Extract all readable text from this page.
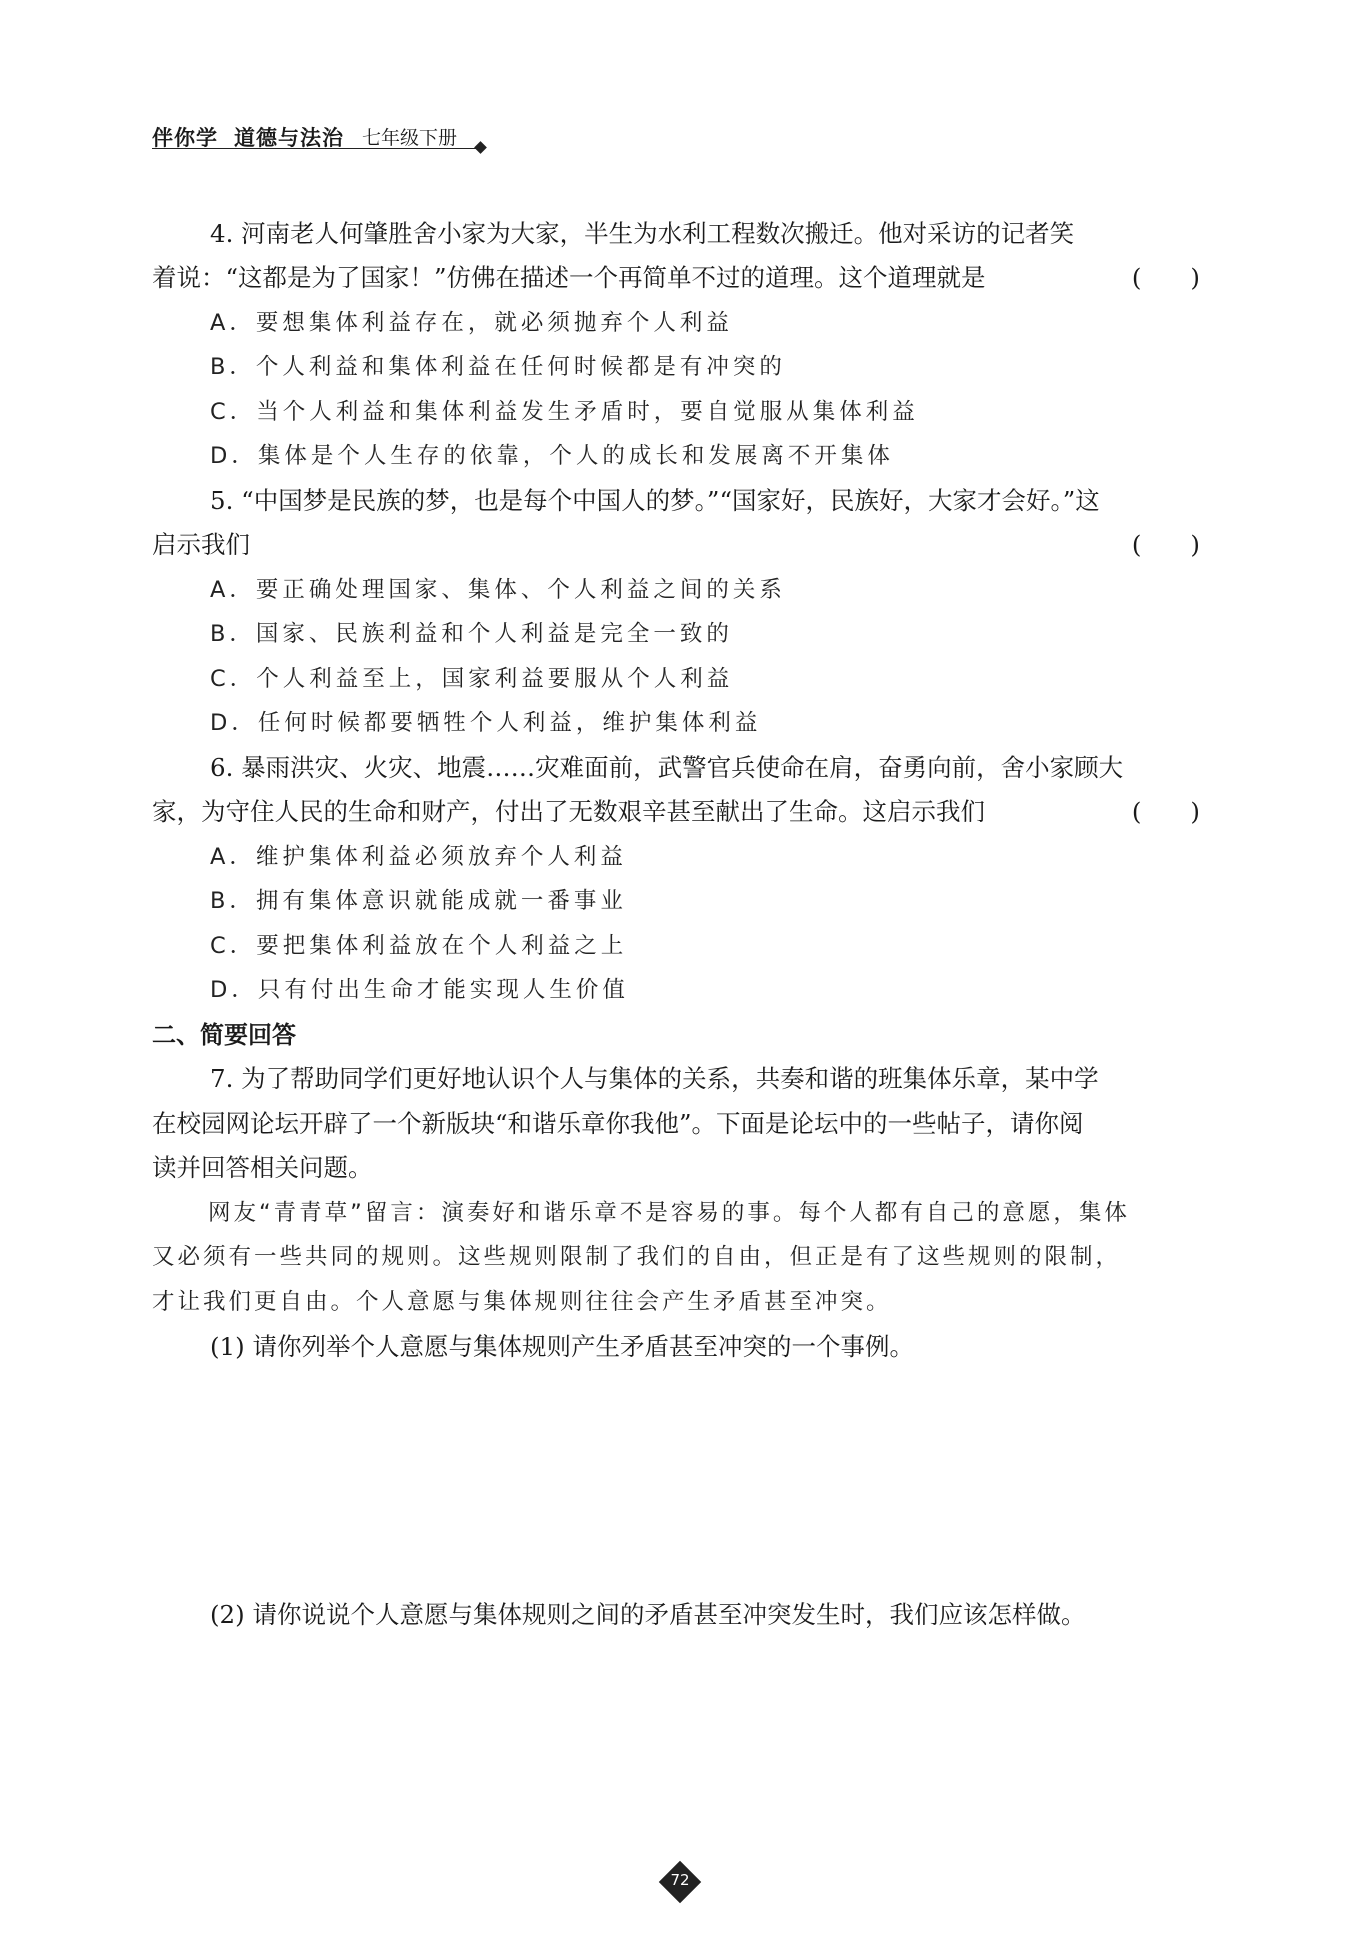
伴你学 道德与法治 七年级下册
4. 河南老人何肇胜舍小家为大家，半生为水利工程数次搬迁。他对采访的记者笑
着说：“这都是为了国家！”仿佛在描述一个再简单不过的道理。这个道理就是	(　　)
A．要想集体利益存在，就必须抛弃个人利益
B．个人利益和集体利益在任何时候都是有冲突的
C．当个人利益和集体利益发生矛盾时，要自觉服从集体利益
D．集体是个人生存的依靠，个人的成长和发展离不开集体
5. “中国梦是民族的梦，也是每个中国人的梦。”“国家好，民族好，大家才会好。”这
启示我们	(　　)
A．要正确处理国家、集体、个人利益之间的关系
B．国家、民族利益和个人利益是完全一致的
C．个人利益至上，国家利益要服从个人利益
D．任何时候都要牺牲个人利益，维护集体利益
6. 暴雨洪灾、火灾、地震……灾难面前，武警官兵使命在肩，奋勇向前，舍小家顾大
家，为守住人民的生命和财产，付出了无数艰辛甚至献出了生命。这启示我们	(　　)
A．维护集体利益必须放弃个人利益
B．拥有集体意识就能成就一番事业
C．要把集体利益放在个人利益之上
D．只有付出生命才能实现人生价值
二、简要回答
7. 为了帮助同学们更好地认识个人与集体的关系，共奏和谐的班集体乐章，某中学
在校园网论坛开辟了一个新版块“和谐乐章你我他”。下面是论坛中的一些帖子，请你阅
读并回答相关问题。
网友“青青草”留言：演奏好和谐乐章不是容易的事。每个人都有自己的意愿，集体
又必须有一些共同的规则。这些规则限制了我们的自由，但正是有了这些规则的限制，
才让我们更自由。个人意愿与集体规则往往会产生矛盾甚至冲突。
(1) 请你列举个人意愿与集体规则产生矛盾甚至冲突的一个事例。
(2) 请你说说个人意愿与集体规则之间的矛盾甚至冲突发生时，我们应该怎样做。
72
